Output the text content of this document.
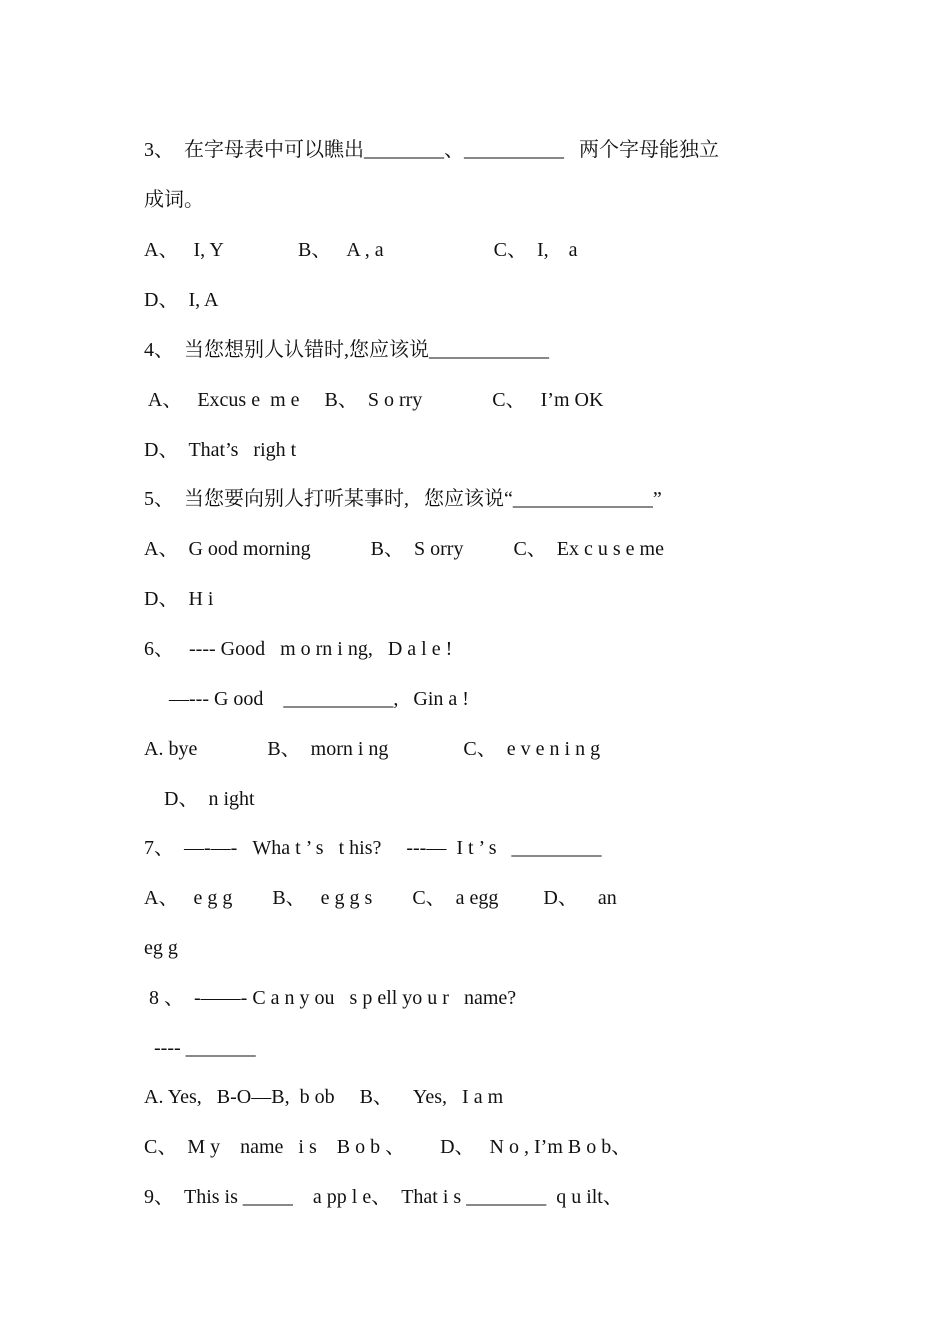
3、  在字母表中可以瞧出________、__________   两个字母能独立
成词。
A、   I, Y               B、   A , a                      C、  I,    a
D、  I, A
4、  当您想别人认错时,您应该说____________
A、   Excus e  m e     B、  S o rry              C、   I’m OK
D、  That’s   righ t
5、  当您要向别人打听某事时,   您应该说“______________”
A、  G ood morning            B、  S orry          C、  Ex c u s e me
D、  H i
6、   ---- Good   m o rn i ng,   D a l e !
—--- G ood    ___________,   Gin a !
A. bye              B、  morn i ng               C、  e v e n i n g
D、  n ight
7、  —-—-   Wha t ’ s   t his?     ---—  I t ’ s   _________
A、   e g g        B、   e g g s        C、  a egg         D、    an
eg g
8 、  -——- C a n y ou   s p ell yo u r   name?
---- _______
A. Yes,   B-O—B,  b ob     B、    Yes,   I a m
C、  M y    name   i s    B o b 、       D、   N o , I’m B o b、
9、  This is _____    a pp l e、  That i s ________  q u ilt、
